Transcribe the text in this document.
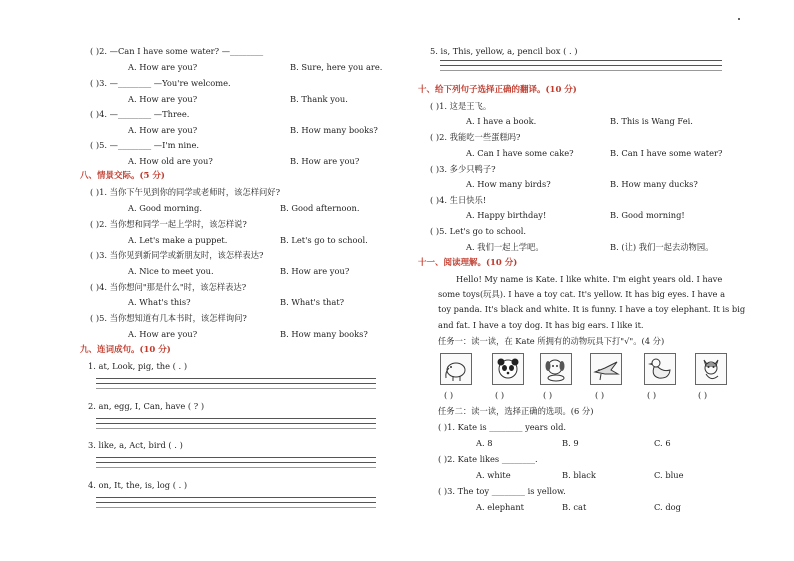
( )2. —Can I have some water? —________
A. How are you?	B. Sure, here you are.
( )3. —________ —You're welcome.
A. How are you?	B. Thank you.
( )4. —________ —Three.
A. How are you?	B. How many books?
( )5. —________ —I'm nine.
A. How old are you?	B. How are you?
八、情景交际。(5 分)
( )1. 当你下午见到你的同学或老师时，该怎样问好?
A. Good morning.	B. Good afternoon.
( )2. 当你想和同学一起上学时，该怎样说?
A. Let's make a puppet.	B. Let's go to school.
( )3. 当你见到新同学或新朋友时，该怎样表达?
A. Nice to meet you.	B. How are you?
( )4. 当你想问"那是什么"时，该怎样表达?
A. What's this?	B. What's that?
( )5. 当你想知道有几本书时，该怎样询问?
A. How are you?	B. How many books?
九、连词成句。(10 分)
1. at, Look, pig, the ( . )
2. an, egg, I, Can, have ( ? )
3. like, a, Act, bird ( . )
4. on, It, the, is, log ( . )
5. is, This, yellow, a, pencil box ( . )
十、给下列句子选择正确的翻译。(10 分)
( )1. 这是王飞。
A. I have a book.	B. This is Wang Fei.
( )2. 我能吃一些蛋糕吗?
A. Can I have some cake?	B. Can I have some water?
( )3. 多少只鸭子?
A. How many birds?	B. How many ducks?
( )4. 生日快乐!
A. Happy birthday!	B. Good morning!
( )5. Let's go to school.
A. 我们一起上学吧。	B. (让) 我们一起去动物园。
十一、阅读理解。(10 分)
Hello! My name is Kate. I like white. I'm eight years old. I have
some toys(玩具). I have a toy cat. It's yellow. It has big eyes. I have a
toy panda. It's black and white. It is funny. I have a toy elephant. It is big
and fat. I have a toy dog. It has big ears. I like it.
任务一：读一读，在 Kate 所拥有的动物玩具下打"√"。(4 分)
( )	( )	( )	( )	( )	( )
任务二：读一读，选择正确的选项。(6 分)
( )1. Kate is ________ years old.
A. 8	B. 9	C. 6
( )2. Kate likes ________.
A. white	B. black	C. blue
( )3. The toy ________ is yellow.
A. elephant	B. cat	C. dog
